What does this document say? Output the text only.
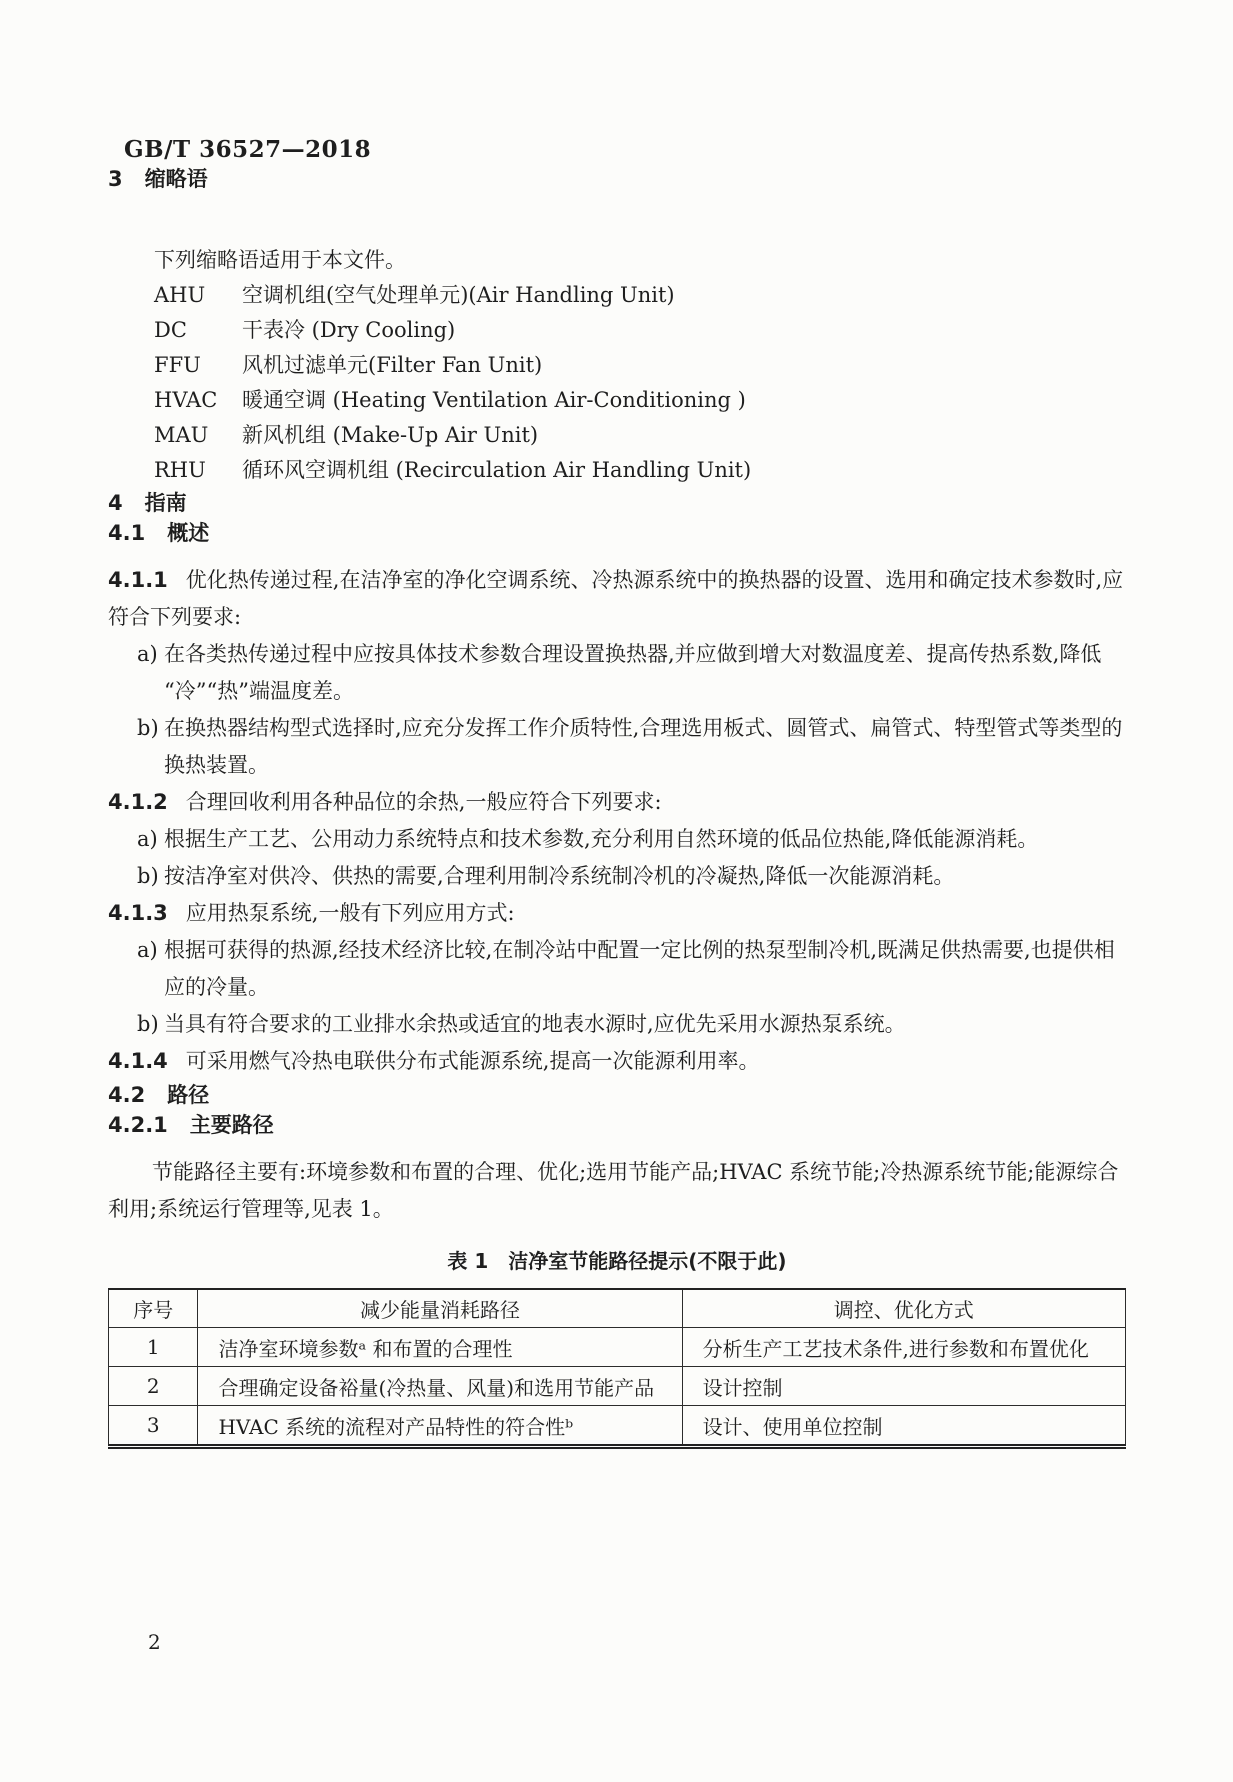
GB/T 36527—2018
3 缩略语

下列缩略语适用于本文件。

AHU 空调机组(空气处理单元)(Air Handling Unit)
DC	干表冷 (Dry Cooling)
FFU 风机过滤单元(Filter Fan Unit)
HVAC 暖通空调 (Heating Ventilation Air-Conditioning )
MAU 新风机组 (Make-Up Air Unit)
RHU 循环风空调机组 (Recirculation Air Handling Unit)
4 指南
4.1 概述

4.1.1 优化热传递过程,在洁净室的净化空调系统、冷热源系统中的换热器的设置、选用和确定技术参数时,应符合下列要求:

a) 在各类热传递过程中应按具体技术参数合理设置换热器,并应做到增大对数温度差、提高传热系数,降低“冷”“热”端温度差。

b) 在换热器结构型式选择时,应充分发挥工作介质特性,合理选用板式、圆管式、扁管式、特型管式等类型的换热装置。

4.1.2 合理回收利用各种品位的余热,一般应符合下列要求:

a) 根据生产工艺、公用动力系统特点和技术参数,充分利用自然环境的低品位热能,降低能源消耗。

b) 按洁净室对供冷、供热的需要,合理利用制冷系统制冷机的冷凝热,降低一次能源消耗。

4.1.3 应用热泵系统,一般有下列应用方式:

a) 根据可获得的热源,经技术经济比较,在制冷站中配置一定比例的热泵型制冷机,既满足供热需要,也提供相应的冷量。

b) 当具有符合要求的工业排水余热或适宜的地表水源时,应优先采用水源热泵系统。

4.1.4 可采用燃气冷热电联供分布式能源系统,提高一次能源利用率。

4.2 路径
4.2.1 主要路径

节能路径主要有:环境参数和布置的合理、优化;选用节能产品;HVAC 系统节能;冷热源系统节能;能源综合利用;系统运行管理等,见表 1。

表 1 洁净室节能路径提示(不限于此)
序号	减少能量消耗路径	调控、优化方式
1	洁净室环境参数ᵃ 和布置的合理性	分析生产工艺技术条件,进行参数和布置优化
2	合理确定设备裕量(冷热量、风量)和选用节能产品	设计控制
3	HVAC 系统的流程对产品特性的符合性ᵇ	设计、使用单位控制
2
